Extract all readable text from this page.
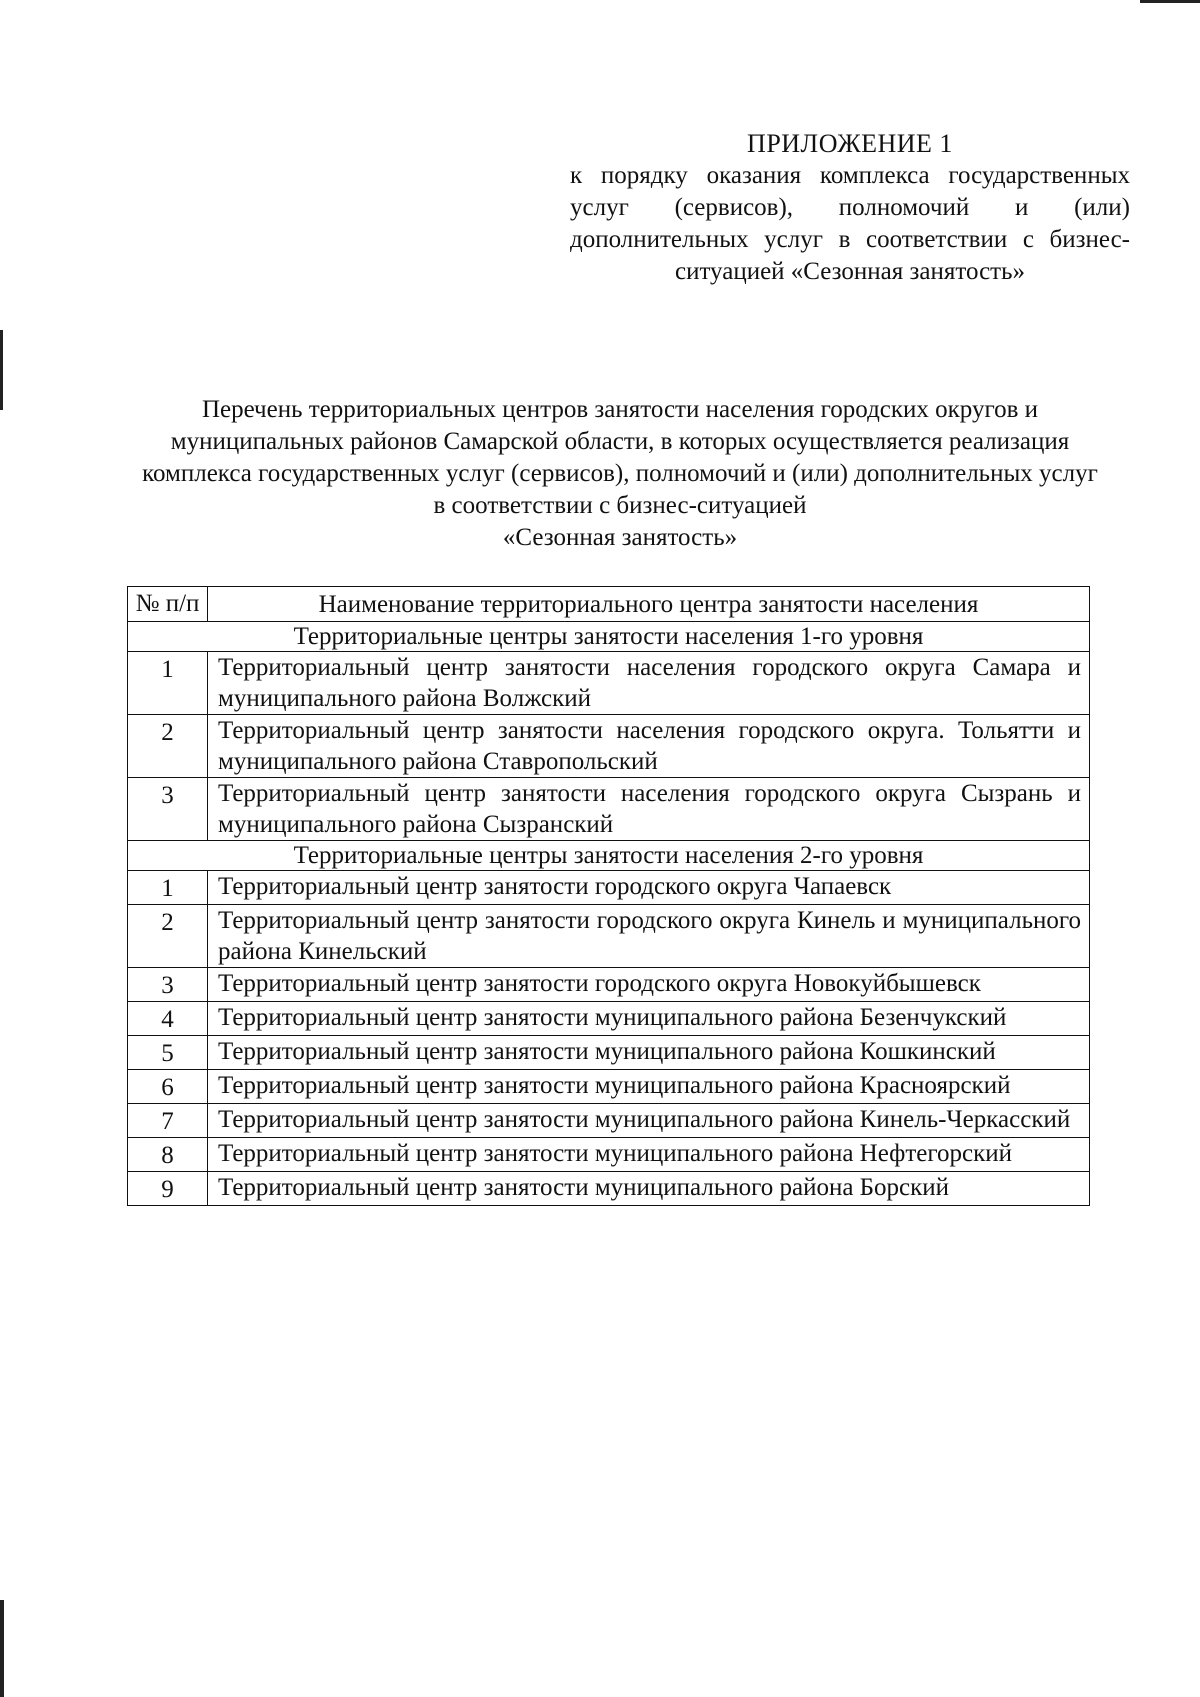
ПРИЛОЖЕНИЕ 1
к порядку оказания комплекса государственных услуг (сервисов), полномочий и (или) дополнительных услуг в соответствии с бизнес-ситуацией «Сезонная занятость»
Перечень территориальных центров занятости населения городских округов и муниципальных районов Самарской области, в которых осуществляется реализация комплекса государственных услуг (сервисов), полномочий и (или) дополнительных услуг в соответствии с бизнес-ситуацией
«Сезонная занятость»
№ п/п	Наименование территориального центра занятости населения
Территориальные центры занятости населения 1-го уровня	
1	Территориальный центр занятости населения городского округа Самара и муниципального района Волжский
2	Территориальный центр занятости населения городского округа. Тольятти и муниципального района Ставропольский
3	Территориальный центр занятости населения городского округа Сызрань и муниципального района Сызранский
Территориальные центры занятости населения 2-го уровня	
1	Территориальный центр занятости городского округа Чапаевск
2	Территориальный центр занятости городского округа Кинель и муниципального района Кинельский
3	Территориальный центр занятости городского округа Новокуйбышевск
4	Территориальный центр занятости муниципального района Безенчукский
5	Территориальный центр занятости муниципального района Кошкинский
6	Территориальный центр занятости муниципального района Красноярский
7	Территориальный центр занятости муниципального района Кинель-Черкасский
8	Территориальный центр занятости муниципального района Нефтегорский
9	Территориальный центр занятости муниципального района Борский
